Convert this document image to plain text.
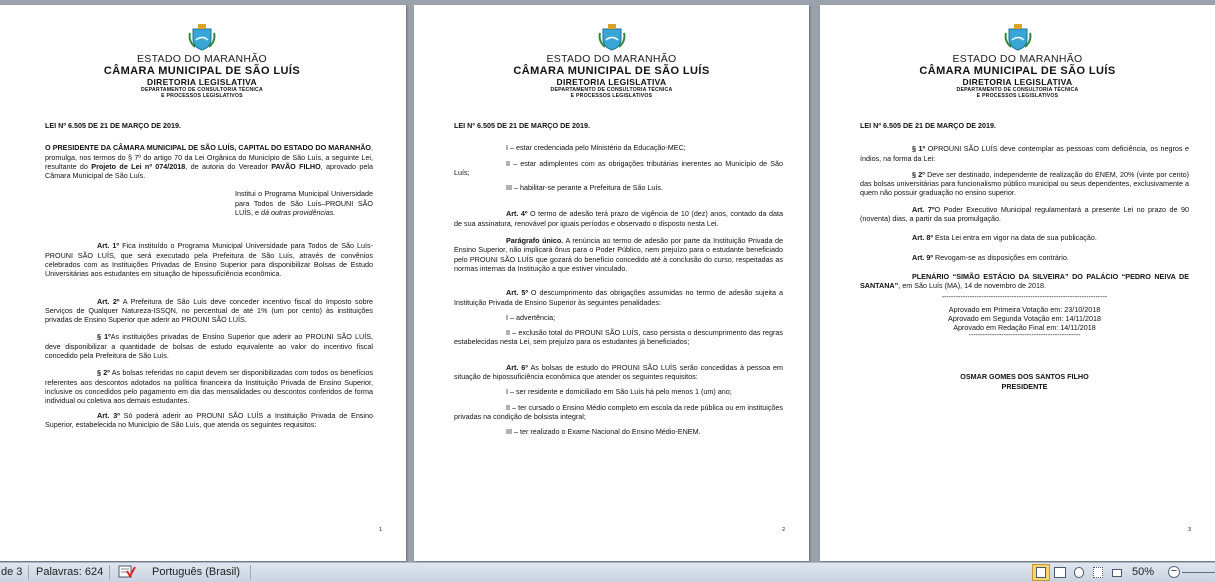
ESTADO DO MARANHÃO
CÂMARA MUNICIPAL DE SÃO LUÍS
DIRETORIA LEGISLATIVA
DEPARTAMENTO DE CONSULTORIA TÉCNICA
E PROCESSOS LEGISLATIVOS

LEI Nº 6.505 DE 21 DE MARÇO DE 2019.

O PRESIDENTE DA CÂMARA MUNICIPAL DE SÃO LUÍS, CAPITAL DO ESTADO DO MARANHÃO, promulga, nos termos do § 7º do artigo 70 da Lei Orgânica do Município de São Luís, a seguinte Lei, resultante do Projeto de Lei nº 074/2018, de autoria do Vereador PAVÃO FILHO, aprovado pela Câmara Municipal de São Luís.

Institui o Programa Municipal Universidade para Todos de São Luís–PROUNI SÃO LUÍS, e dá outras providências.

Art. 1º Fica instituído o Programa Municipal Universidade para Todos de São Luís-PROUNI SÃO LUÍS, que será executado pela Prefeitura de São Luís, através de convênios celebrados com as Instituições Privadas de Ensino Superior para disponibilizar Bolsas de Estudo Universitárias aos estudantes em situação de hipossuficiência econômica.

Art. 2º A Prefeitura de São Luís deve conceder incentivo fiscal do Imposto sobre Serviços de Qualquer Natureza-ISSQN, no percentual de até 1% (um por cento) às instituições privadas de Ensino Superior que aderir ao PROUNI SÃO LUÍS.

§ 1ºAs instituições privadas de Ensino Superior que aderir ao PROUNI SÃO LUÍS, deve disponibilizar a quantidade de bolsas de estudo equivalente ao valor do incentivo fiscal concedido pela Prefeitura de São Luís.

§ 2º As bolsas referidas no caput devem ser disponibilizadas com todos os benefícios referentes aos descontos adotados na política financeira da Instituição Privada de Ensino Superior, inclusive os concedidos pelo pagamento em dia das mensalidades ou descontos conferidos de forma individual ou coletiva aos demais estudantes.

Art. 3º Só poderá aderir ao PROUNI SÃO LUÍS a Instituição Privada de Ensino Superior, estabelecida no Município de São Luís, que atenda os seguintes requisitos:

1
ESTADO DO MARANHÃO
CÂMARA MUNICIPAL DE SÃO LUÍS
DIRETORIA LEGISLATIVA
DEPARTAMENTO DE CONSULTORIA TÉCNICA
E PROCESSOS LEGISLATIVOS

LEI Nº 6.505 DE 21 DE MARÇO DE 2019.

I – estar credenciada pelo Ministério da Educação-MEC;

II – estar adimplentes com as obrigações tributárias inerentes ao Município de São Luís;

III – habilitar-se perante a Prefeitura de São Luís.

Art. 4º O termo de adesão terá prazo de vigência de 10 (dez) anos, contado da data de sua assinatura, renovável por iguais períodos e observado o disposto nesta Lei.

Parágrafo único. A renúncia ao termo de adesão por parte da Instituição Privada de Ensino Superior, não implicará ônus para o Poder Público, nem prejuízo para o estudante beneficiado pelo PROUNI SÃO LUÍS que gozará do benefício concedido até à conclusão do curso, respeitadas as normas internas da Instituição a que estiver vinculado.

Art. 5º O descumprimento das obrigações assumidas no termo de adesão sujeita a Instituição Privada de Ensino Superior às seguintes penalidades:

I – advertência;

II – exclusão total do PROUNI SÃO LUÍS, caso persista o descumprimento das regras estabelecidas nesta Lei, sem prejuízo para os estudantes já beneficiados;

Art. 6º As bolsas de estudo do PROUNI SÃO LUÍS serão concedidas à pessoa em situação de hipossuficiência econômica que atender os seguintes requisitos:

I – ser residente e domiciliado em São Luís há pelo menos 1 (um) ano;

II – ter cursado o Ensino Médio completo em escola da rede pública ou em instituições privadas na condição de bolsista integral;

III – ter realizado o Exame Nacional do Ensino Médio-ENEM.

2
ESTADO DO MARANHÃO
CÂMARA MUNICIPAL DE SÃO LUÍS
DIRETORIA LEGISLATIVA
DEPARTAMENTO DE CONSULTORIA TÉCNICA
E PROCESSOS LEGISLATIVOS

LEI Nº 6.505 DE 21 DE MARÇO DE 2019.

§ 1º OPROUNI SÃO LUÍS deve contemplar as pessoas com deficiência, os negros e índios, na forma da Lei:

§ 2º Deve ser destinado, independente de realização do ENEM, 20% (vinte por cento) das bolsas universitárias para funcionalismo público municipal ou seus dependentes, exclusivamente a quem não possuir graduação no ensino superior.

Art. 7ºO Poder Executivo Municipal regulamentará a presente Lei no prazo de 90 (noventa) dias, a partir da sua promulgação.

Art. 8º Esta Lei entra em vigor na data de sua publicação.

Art. 9º Revogam-se as disposições em contrário.

PLENÁRIO “SIMÃO ESTÁCIO DA SILVEIRA” DO PALÁCIO “PEDRO NEIVA DE SANTANA”, em São Luís (MA), 14 de novembro de 2018.

-----------------------------------------------------------------------

Aprovado em Primeira Votação em: 23/10/2018

Aprovado em Segunda Votação em: 14/11/2018

Aprovado em Redação Final em: 14/11/2018

------------------------------------------------

OSMAR GOMES DOS SANTOS FILHO

PRESIDENTE

3
de 3 Palavras: 624	Português (Brasil)	50% −
